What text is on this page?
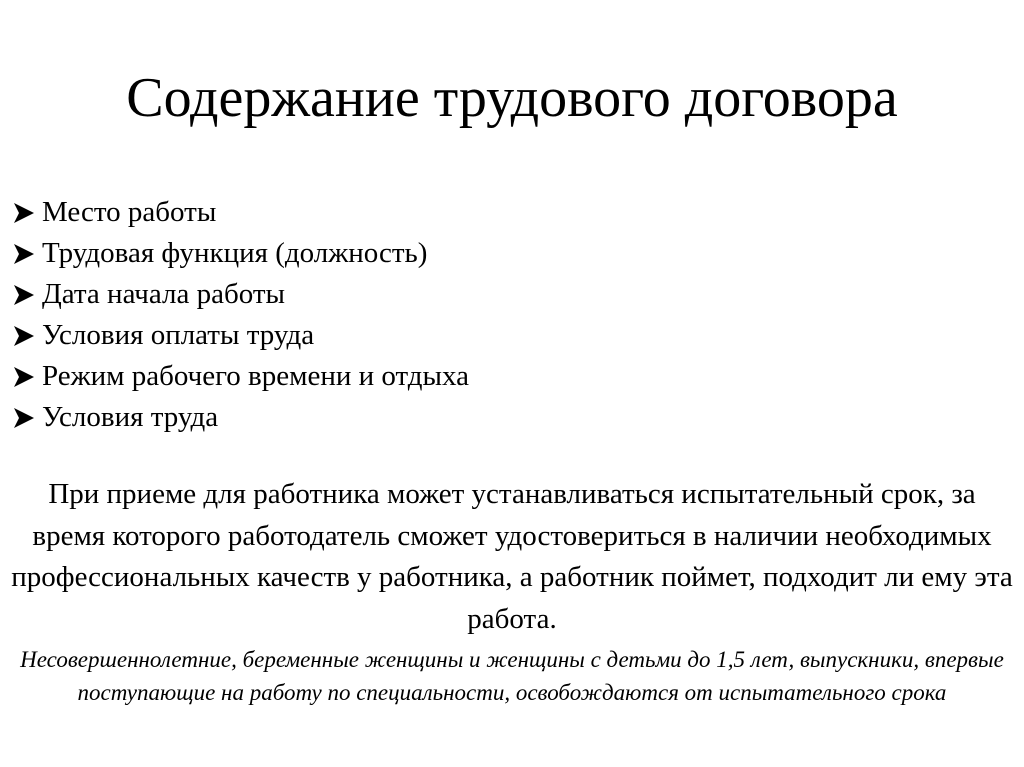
Содержание трудового договора
Место работы
Трудовая функция (должность)
Дата начала работы
Условия оплаты труда
Режим рабочего времени и отдыха
Условия труда

При приеме для работника может устанавливаться испытательный срок, за время которого работодатель сможет удостовериться в наличии необходимых профессиональных качеств у работника, а работник поймет, подходит ли ему эта работа.

Несовершеннолетние, беременные женщины и женщины с детьми до 1,5 лет, выпускники, впервые поступающие на работу по специальности, освобождаются от испытательного срока
